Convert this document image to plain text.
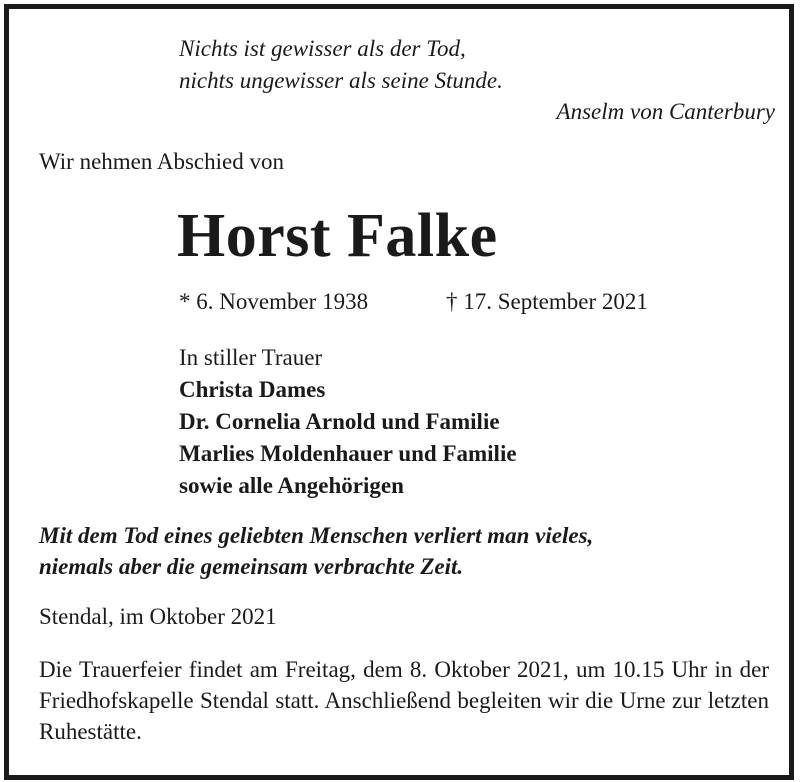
Nichts ist gewisser als der Tod,
nichts ungewisser als seine Stunde.
Anselm von Canterbury
Wir nehmen Abschied von
Horst Falke
* 6. November 1938	† 17. September 2021
In stiller Trauer
Christa Dames
Dr. Cornelia Arnold und Familie
Marlies Moldenhauer und Familie
sowie alle Angehörigen
Mit dem Tod eines geliebten Menschen verliert man vieles,
niemals aber die gemeinsam verbrachte Zeit.
Stendal, im Oktober 2021
Die Trauerfeier findet am Freitag, dem 8. Oktober 2021, um 10.15 Uhr in der Friedhofskapelle Stendal statt. Anschließend begleiten wir die Urne zur letzten Ruhestätte.
